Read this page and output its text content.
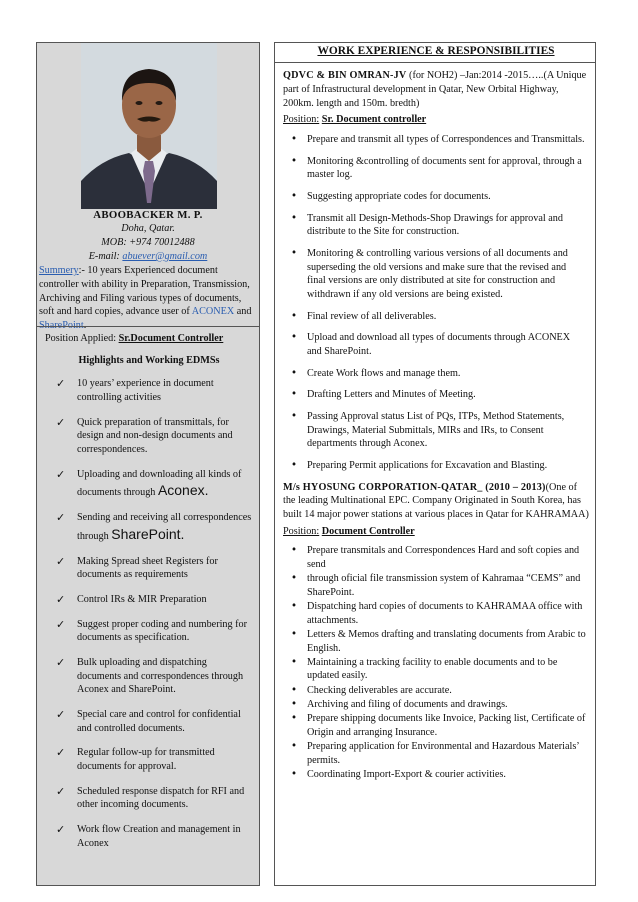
ABOOBACKER M. P.
Doha, Qatar.
MOB: +974 70012488
E-mail: abuever@gmail.com
Summery:- 10 years Experienced document controller with ability in Preparation, Transmission, Archiving and Filing various types of documents, soft and hard copies, advance user of ACONEX and SharePoint.
Position Applied: Sr.Document Controller
Highlights and Working EDMSs
✓ 10 years’ experience in document controlling activities
✓ Quick preparation of transmittals, for design and non-design documents and correspondences.
✓ Uploading and downloading all kinds of documents through Aconex.
✓ Sending and receiving all correspondences through SharePoint.
✓ Making Spread sheet Registers for documents as requirements
✓ Control IRs & MIR Preparation
✓ Suggest proper coding and numbering for documents as specification.
✓ Bulk uploading and dispatching documents and correspondences through Aconex and SharePoint.
✓ Special care and control for confidential and controlled documents.
✓ Regular follow-up for transmitted documents for approval.
✓ Scheduled response dispatch for RFI and other incoming documents.
✓ Work flow Creation and management in Aconex
WORK EXPERIENCE & RESPONSIBILITIES
QDVC & BIN OMRAN-JV (for NOH2) –Jan:2014 -2015…..(A Unique part of Infrastructural development in Qatar, New Orbital Highway, 200km. length and 150m. bredth)
Position: Sr. Document controller
• Prepare and transmit all types of Correspondences and Transmittals.
• Monitoring &controlling of documents sent for approval, through a master log.
• Suggesting appropriate codes for documents.
• Transmit all Design-Methods-Shop Drawings for approval and distribute to the Site for construction.
• Monitoring & controlling various versions of all documents and superseding the old versions and make sure that the revised and final versions are only distributed at site for construction and withdrawn if any old versions are being existed.
• Final review of all deliverables.
• Upload and download all types of documents through ACONEX and SharePoint.
• Create Work flows and manage them.
• Drafting Letters and Minutes of Meeting.
• Passing Approval status List of PQs, ITPs, Method Statements, Drawings, Material Submittals, MIRs and IRs, to Consent departments through Aconex.
• Preparing Permit applications for Excavation and Blasting.
M/s HYOSUNG CORPORATION-QATAR_ (2010 – 2013)(One of the leading Multinational EPC. Company Originated in South Korea, has built 14 major power stations at various places in Qatar for KAHRAMAA)
Position: Document Controller
• Prepare transmitals and Correspondences Hard and soft copies and send
• through oficial file transmission system of Kahramaa “CEMS” and SharePoint.
• Dispatching hard copies of documents to KAHRAMAA office with attachments.
• Letters & Memos drafting and translating documents from Arabic to English.
• Maintaining a tracking facility to enable documents and to be updated easily.
• Checking deliverables are accurate.
• Archiving and filing of documents and drawings.
• Prepare shipping documents like Invoice, Packing list, Certificate of Origin and arranging Insurance.
• Preparing application for Environmental and Hazardous Materials’ permits.
• Coordinating Import-Export & courier activities.
